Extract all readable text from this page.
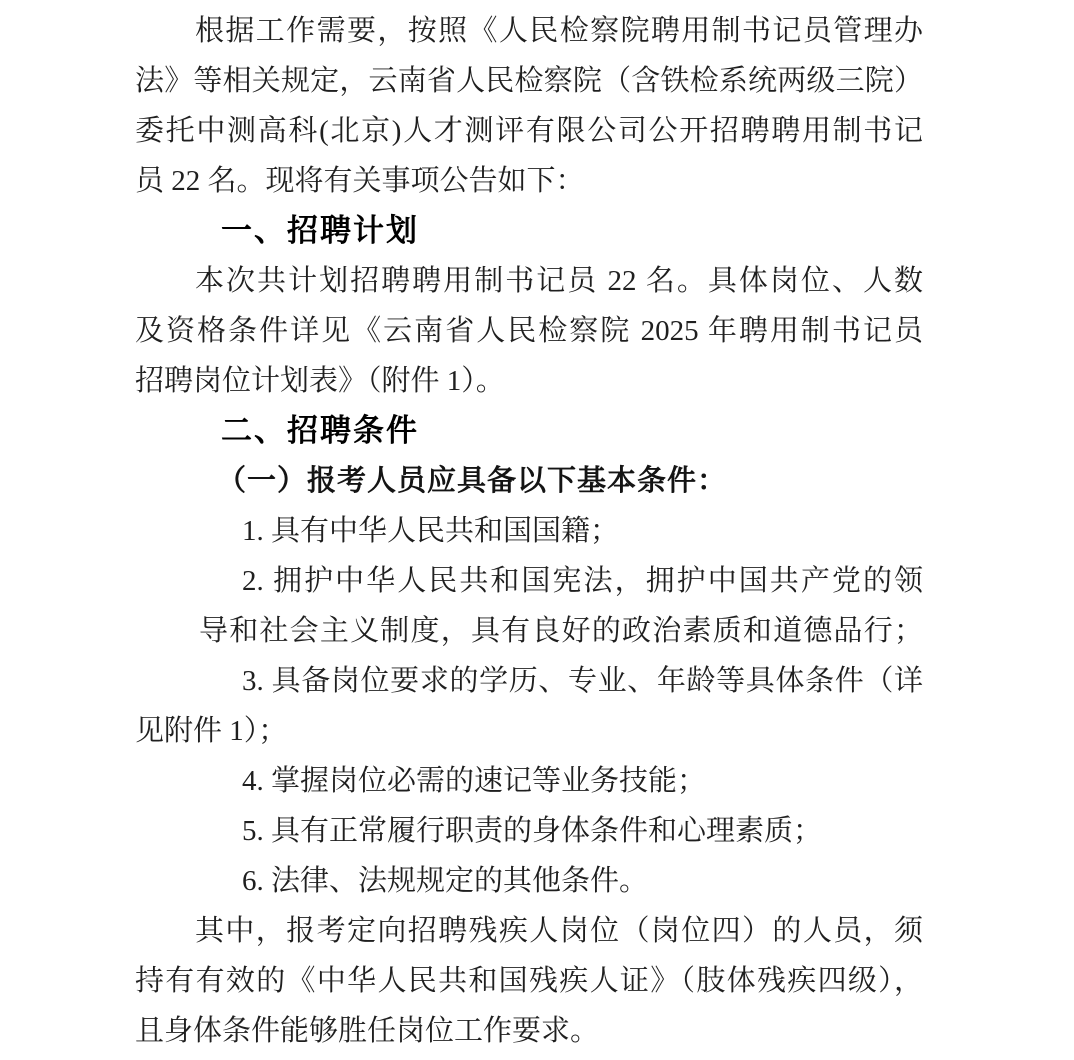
根据工作需要，按照《人民检察院聘用制书记员管理办
法》等相关规定，云南省人民检察院（含铁检系统两级三院）
委托中测高科(北京)人才测评有限公司公开招聘聘用制书记
员 22 名。现将有关事项公告如下：
一、招聘计划
本次共计划招聘聘用制书记员 22 名。具体岗位、人数
及资格条件详见《云南省人民检察院 2025 年聘用制书记员
招聘岗位计划表》（附件 1）。
二、招聘条件
（一）报考人员应具备以下基本条件：
1. 具有中华人民共和国国籍；
2. 拥护中华人民共和国宪法，拥护中国共产党的领
导和社会主义制度，具有良好的政治素质和道德品行；
3. 具备岗位要求的学历、专业、年龄等具体条件（详
见附件 1）；
4. 掌握岗位必需的速记等业务技能；
5. 具有正常履行职责的身体条件和心理素质；
6. 法律、法规规定的其他条件。
其中，报考定向招聘残疾人岗位（岗位四）的人员，须
持有有效的《中华人民共和国残疾人证》（肢体残疾四级），
且身体条件能够胜任岗位工作要求。
